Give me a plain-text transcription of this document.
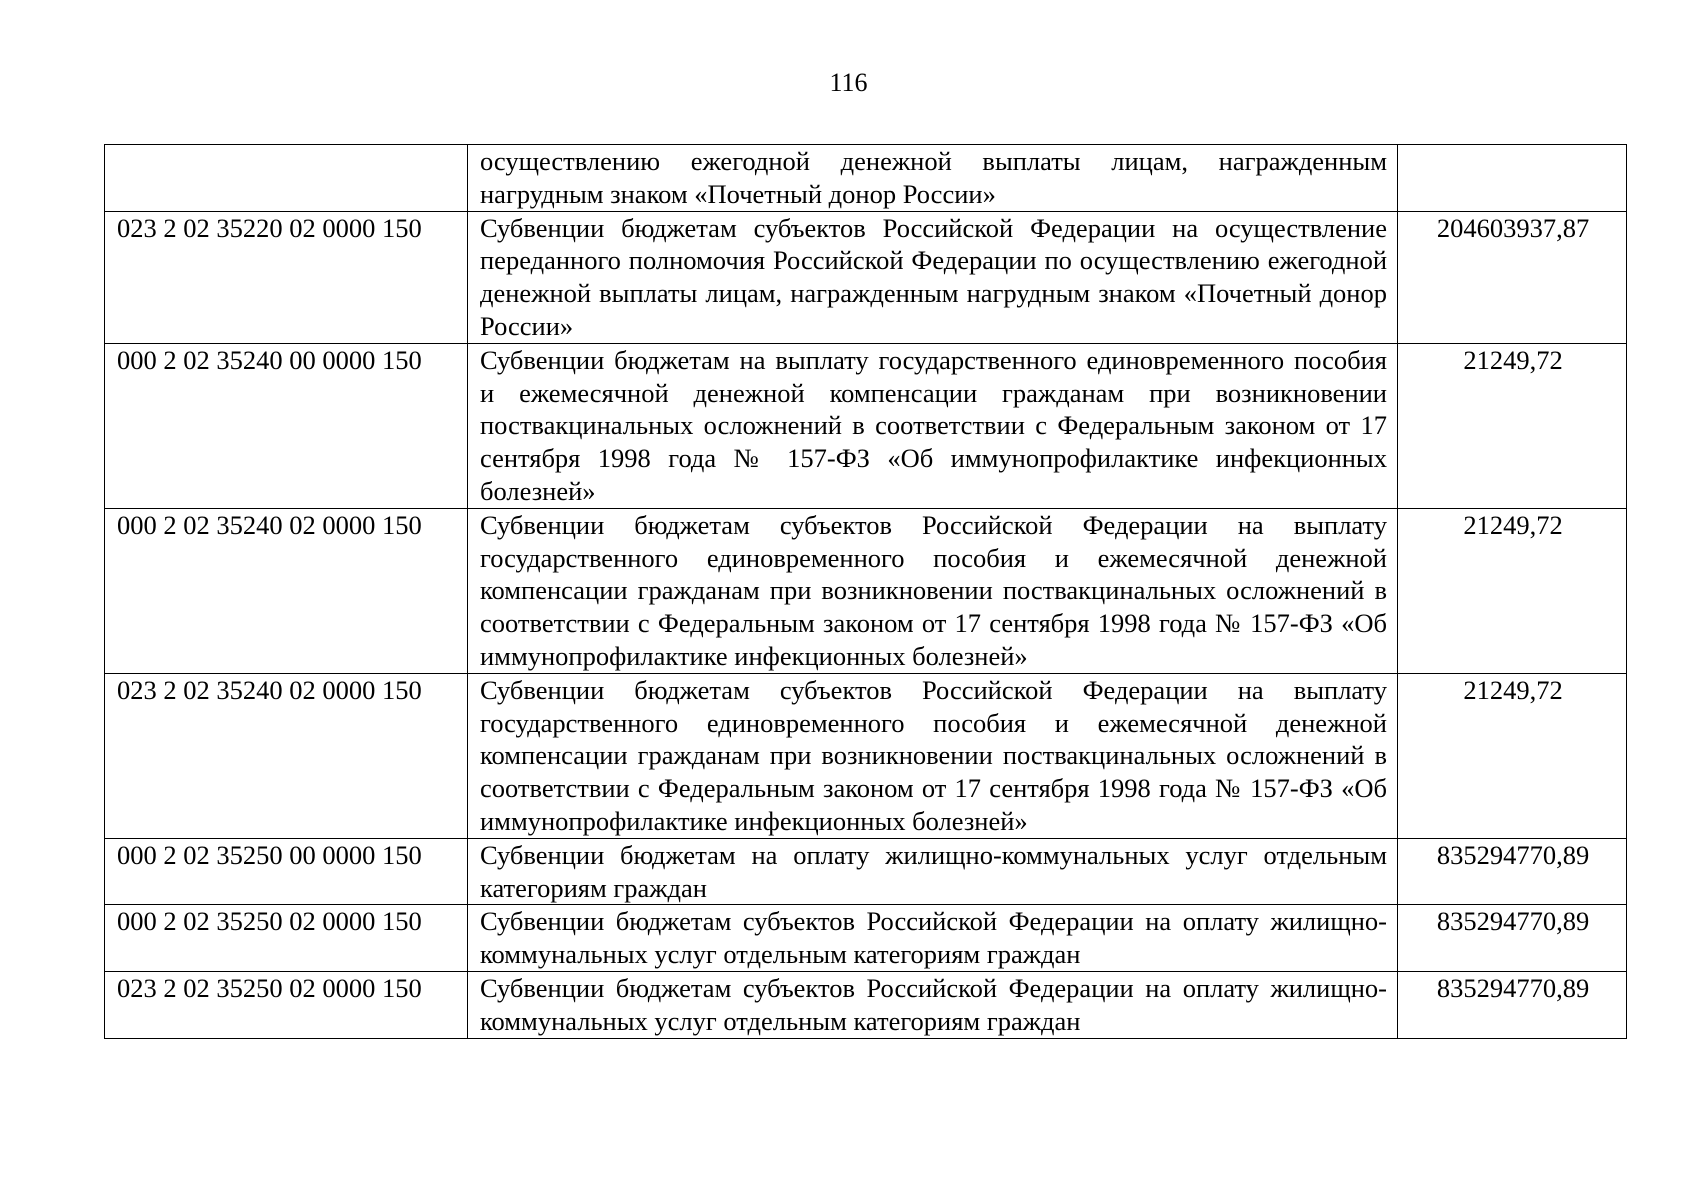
116
	осуществлению ежегодной денежной выплаты лицам, награжденным нагрудным знаком «Почетный донор России»	
023 2 02 35220 02 0000 150	Субвенции бюджетам субъектов Российской Федерации на осуществление переданного полномочия Российской Федерации по осуществлению ежегодной денежной выплаты лицам, награжденным нагрудным знаком «Почетный донор России»	204603937,87
000 2 02 35240 00 0000 150	Субвенции бюджетам на выплату государственного единовременного пособия и ежемесячной денежной компенсации гражданам при возникновении поствакцинальных осложнений в соответствии с Федеральным законом от 17 сентября 1998 года № 157-ФЗ «Об иммунопрофилактике инфекционных болезней»	21249,72
000 2 02 35240 02 0000 150	Субвенции бюджетам субъектов Российской Федерации на выплату государственного единовременного пособия и ежемесячной денежной компенсации гражданам при возникновении поствакцинальных осложнений в соответствии с Федеральным законом от 17 сентября 1998 года № 157-ФЗ «Об иммунопрофилактике инфекционных болезней»	21249,72
023 2 02 35240 02 0000 150	Субвенции бюджетам субъектов Российской Федерации на выплату государственного единовременного пособия и ежемесячной денежной компенсации гражданам при возникновении поствакцинальных осложнений в соответствии с Федеральным законом от 17 сентября 1998 года № 157-ФЗ «Об иммунопрофилактике инфекционных болезней»	21249,72
000 2 02 35250 00 0000 150	Субвенции бюджетам на оплату жилищно-коммунальных услуг отдельным категориям граждан	835294770,89
000 2 02 35250 02 0000 150	Субвенции бюджетам субъектов Российской Федерации на оплату жилищно-коммунальных услуг отдельным категориям граждан	835294770,89
023 2 02 35250 02 0000 150	Субвенции бюджетам субъектов Российской Федерации на оплату жилищно-коммунальных услуг отдельным категориям граждан	835294770,89
